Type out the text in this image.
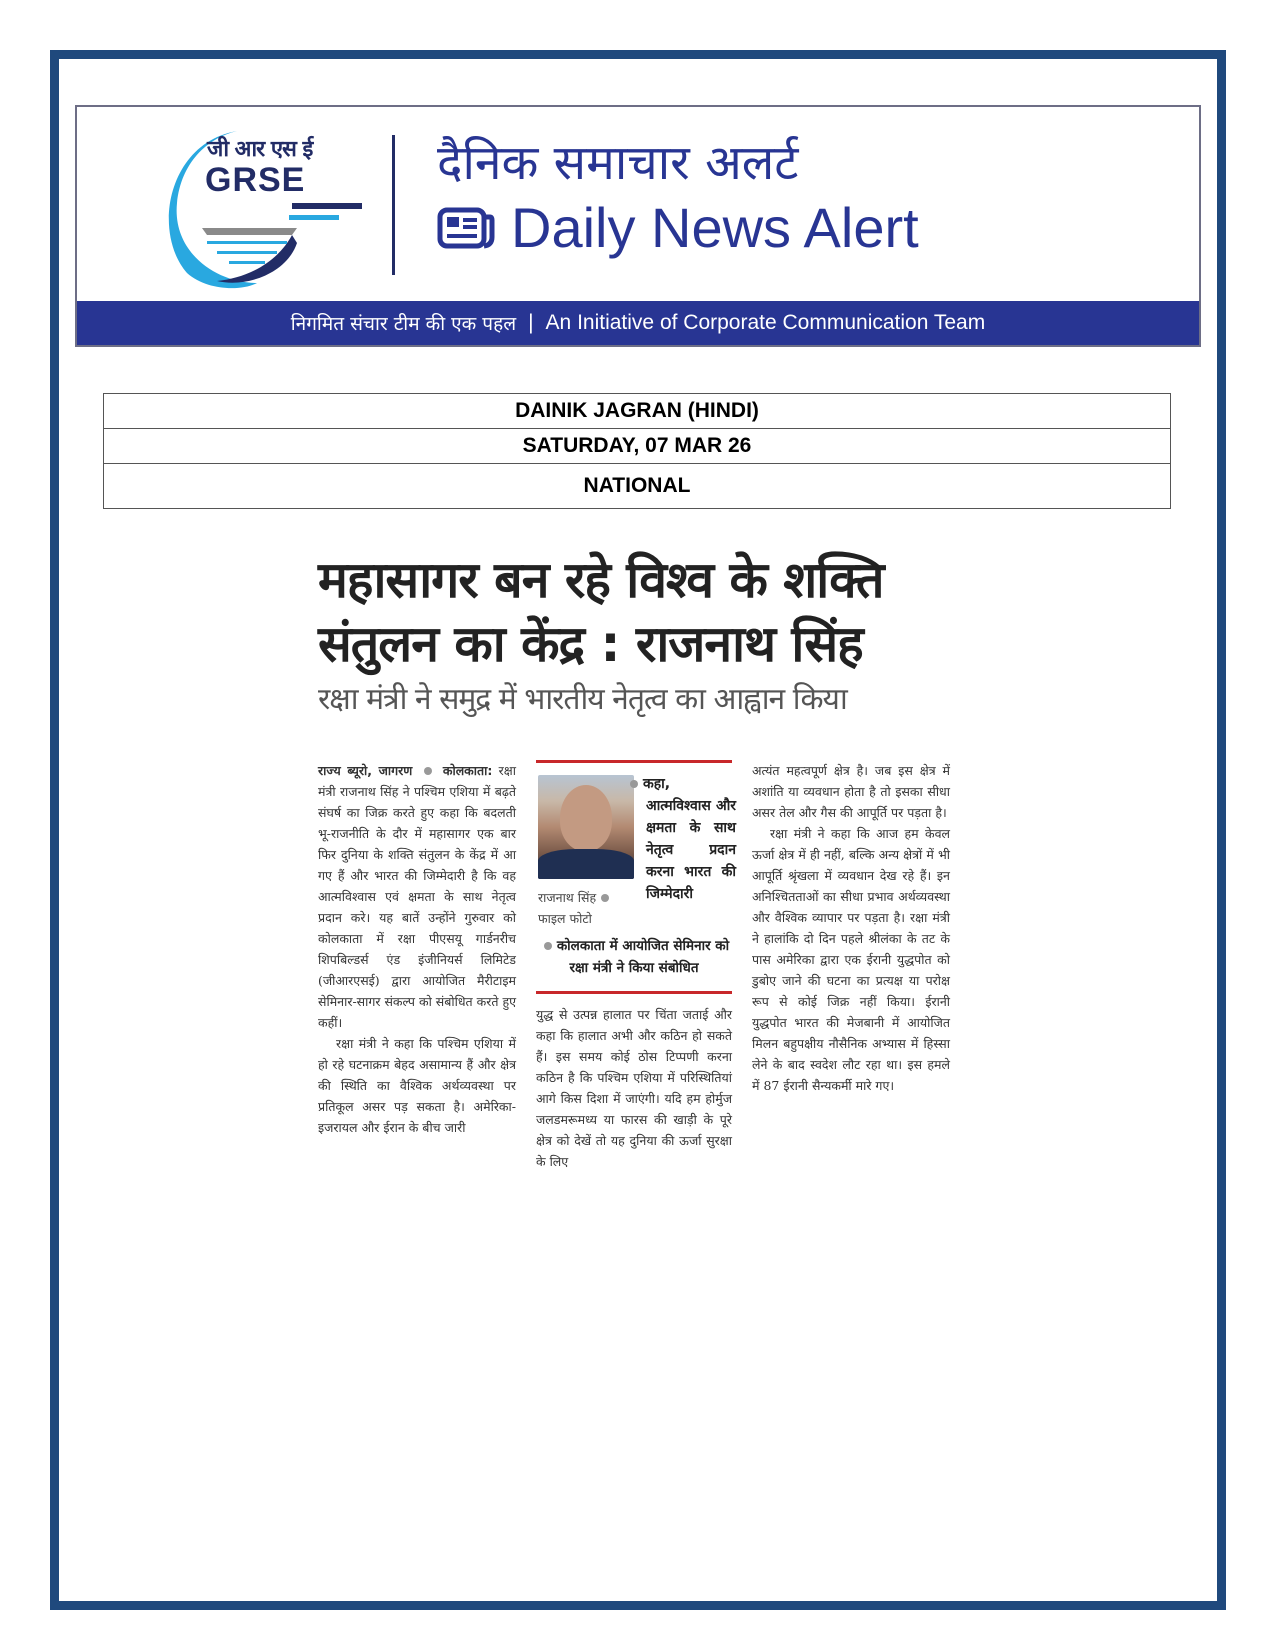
जी आर एस ई
GRSE	दैनिक समाचार अलर्ट
Daily News Alert
निगमित संचार टीम की एक पहल | An Initiative of Corporate Communication Team
DAINIK JAGRAN (HINDI)
SATURDAY, 07 MAR 26
NATIONAL
महासागर बन रहे विश्व के शक्ति
संतुलन का केंद्र : राजनाथ सिंह
रक्षा मंत्री ने समुद्र में भारतीय नेतृत्व का आह्वान किया

राज्य ब्यूरो, जागरण कोलकाता: रक्षा मंत्री राजनाथ सिंह ने पश्चिम एशिया में बढ़ते संघर्ष का जिक्र करते हुए कहा कि बदलती भू-राजनीति के दौर में महासागर एक बार फिर दुनिया के शक्ति संतुलन के केंद्र में आ गए हैं और भारत की जिम्मेदारी है कि वह आत्मविश्वास एवं क्षमता के साथ नेतृत्व प्रदान करे। यह बातें उन्होंने गुरुवार को कोलकाता में रक्षा पीएसयू गार्डनरीच शिपबिल्डर्स एंड इंजीनियर्स लिमिटेड (जीआरएसई) द्वारा आयोजित मैरीटाइम सेमिनार-सागर संकल्प को संबोधित करते हुए कहीं।

रक्षा मंत्री ने कहा कि पश्चिम एशिया में हो रहे घटनाक्रम बेहद असामान्य हैं और क्षेत्र की स्थिति का वैश्विक अर्थव्यवस्था पर प्रतिकूल असर पड़ सकता है। अमेरिका-इजरायल और ईरान के बीच जारी

राजनाथ सिंह
फाइल फोटो
कहा, आत्मविश्वास और क्षमता के साथ नेतृत्व प्रदान करना भारत की जिम्मेदारी
कोलकाता में आयोजित सेमिनार को रक्षा मंत्री ने किया संबोधित

युद्ध से उत्पन्न हालात पर चिंता जताई और कहा कि हालात अभी और कठिन हो सकते हैं। इस समय कोई ठोस टिप्पणी करना कठिन है कि पश्चिम एशिया में परिस्थितियां आगे किस दिशा में जाएंगी। यदि हम होर्मुज जलडमरूमध्य या फारस की खाड़ी के पूरे क्षेत्र को देखें तो यह दुनिया की ऊर्जा सुरक्षा के लिए

अत्यंत महत्वपूर्ण क्षेत्र है। जब इस क्षेत्र में अशांति या व्यवधान होता है तो इसका सीधा असर तेल और गैस की आपूर्ति पर पड़ता है।

रक्षा मंत्री ने कहा कि आज हम केवल ऊर्जा क्षेत्र में ही नहीं, बल्कि अन्य क्षेत्रों में भी आपूर्ति श्रृंखला में व्यवधान देख रहे हैं। इन अनिश्चितताओं का सीधा प्रभाव अर्थव्यवस्था और वैश्विक व्यापार पर पड़ता है। रक्षा मंत्री ने हालांकि दो दिन पहले श्रीलंका के तट के पास अमेरिका द्वारा एक ईरानी युद्धपोत को डुबोए जाने की घटना का प्रत्यक्ष या परोक्ष रूप से कोई जिक्र नहीं किया। ईरानी युद्धपोत भारत की मेजबानी में आयोजित मिलन बहुपक्षीय नौसैनिक अभ्यास में हिस्सा लेने के बाद स्वदेश लौट रहा था। इस हमले में 87 ईरानी सैन्यकर्मी मारे गए।
